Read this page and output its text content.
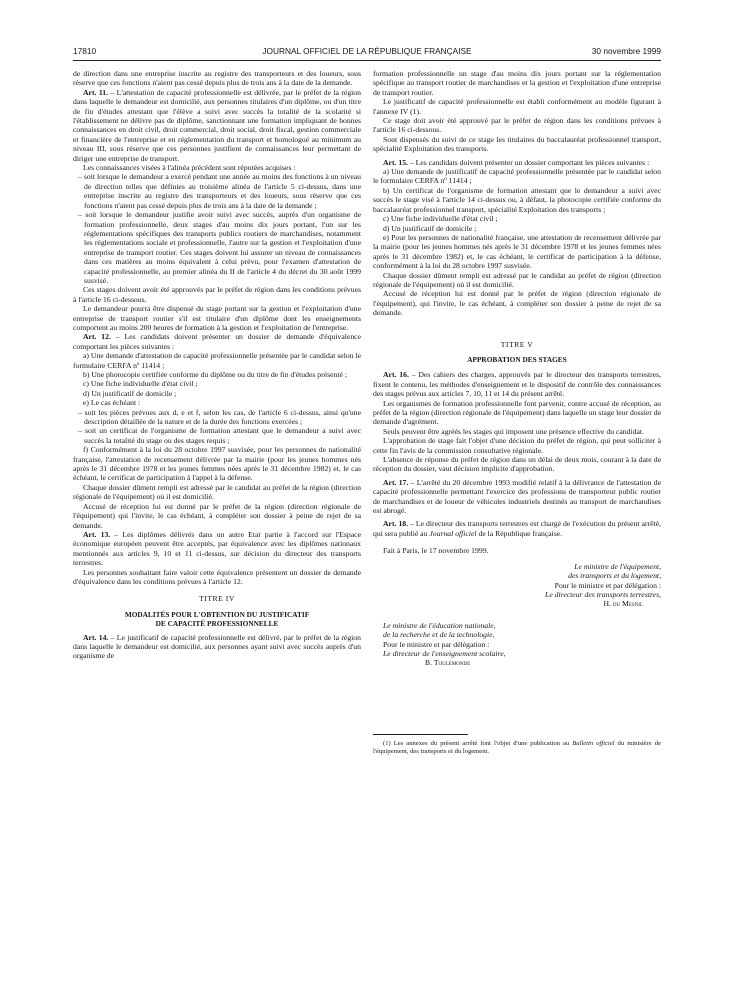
17810	JOURNAL OFFICIEL DE LA RÉPUBLIQUE FRANÇAISE	30 novembre 1999

de direction dans une entreprise inscrite au registre des transporteurs et des loueurs, sous réserve que ces fonctions n'aient pas cessé depuis plus de trois ans à la date de la demande.

Art. 11. – L'attestation de capacité professionnelle est délivrée, par le préfet de la région dans laquelle le demandeur est domicilié, aux personnes titulaires d'un diplôme, ou d'un titre de fin d'études attestant que l'élève a suivi avec succès la totalité de la scolarité si l'établissement ne délivre pas de diplôme, sanctionnant une formation impliquant de bonnes connaissances en droit civil, droit commercial, droit social, droit fiscal, gestion commerciale et financière de l'entreprise et en réglementation du transport et homologué au minimum au niveau III, sous réserve que ces personnes justifient de connaissances leur permettant de diriger une entreprise de transport.

Les connaissances visées à l'alinéa précédent sont réputées acquises :

– soit lorsque le demandeur a exercé pendant une année au moins des fonctions à un niveau de direction telles que définies au troisième alinéa de l'article 5 ci-dessus, dans une entreprise inscrite au registre des transporteurs et des loueurs, sous réserve que ces fonctions n'aient pas cessé depuis plus de trois ans à la date de la demande ;
– soit lorsque le demandeur justifie avoir suivi avec succès, auprès d'un organisme de formation professionnelle, deux stages d'au moins dix jours portant, l'un sur les réglementations spécifiques des transports publics routiers de marchandises, notamment les réglementations sociale et professionnelle, l'autre sur la gestion et l'exploitation d'une entreprise de transport routier. Ces stages doivent lui assurer un niveau de connaissances dans ces matières au moins équivalent à celui prévu, pour l'examen d'attestation de capacité professionnelle, au premier alinéa du II de l'article 4 du décret du 30 août 1999 susvisé.

Ces stages doivent avoir été approuvés par le préfet de région dans les conditions prévues à l'article 16 ci-dessous.

Le demandeur pourra être dispensé du stage portant sur la gestion et l'exploitation d'une entreprise de transport routier s'il est titulaire d'un diplôme dont les enseignements comportent au moins 200 heures de formation à la gestion et l'exploitation de l'entreprise.

Art. 12. – Les candidats doivent présenter un dossier de demande d'équivalence comportant les pièces suivantes :

a) Une demande d'attestation de capacité professionnelle présentée par le candidat selon le formulaire CERFA nº 11414 ;

b) Une photocopie certifiée conforme du diplôme ou du titre de fin d'études présenté ;

c) Une fiche individuelle d'état civil ;

d) Un justificatif de domicile ;

e) Le cas échéant :

– soit les pièces prévues aux d, e et f, selon les cas, de l'article 6 ci-dessus, ainsi qu'une description détaillée de la nature et de la durée des fonctions exercées ;
– soit un certificat de l'organisme de formation attestant que le demandeur a suivi avec succès la totalité du stage ou des stages requis ;

f) Conformément à la loi du 28 octobre 1997 susvisée, pour les personnes de nationalité française, l'attestation de recensement délivrée par la mairie (pour les jeunes hommes nés après le 31 décembre 1978 et les jeunes femmes nées après le 31 décembre 1982) et, le cas échéant, le certificat de participation à l'appel à la défense.

Chaque dossier dûment rempli est adressé par le candidat au préfet de la région (direction régionale de l'équipement) où il est domicilié.

Accusé de réception lui est donné par le préfet de la région (direction régionale de l'équipement) qui l'invite, le cas échéant, à compléter son dossier à peine de rejet de sa demande.

Art. 13. – Les diplômes délivrés dans un autre Etat partie à l'accord sur l'Espace économique européen peuvent être acceptés, par équivalence avec les diplômes nationaux mentionnés aux articles 9, 10 et 11 ci-dessus, sur décision du directeur des transports terrestres.

Les personnes souhaitant faire valoir cette équivalence présentent un dossier de demande d'équivalence dans les conditions prévues à l'article 12.

TITRE IV

MODALITÉS POUR L'OBTENTION DU JUSTIFICATIF
DE CAPACITÉ PROFESSIONNELLE

Art. 14. – Le justificatif de capacité professionnelle est délivré, par le préfet de la région dans laquelle le demandeur est domicilié, aux personnes ayant suivi avec succès auprès d'un organisme de

formation professionnelle un stage d'au moins dix jours portant sur la réglementation spécifique au transport routier de marchandises et la gestion et l'exploitation d'une entreprise de transport routier.

Le justificatif de capacité professionnelle est établi conformément au modèle figurant à l'annexe IV (1).

Ce stage doit avoir été approuvé par le préfet de région dans les conditions prévues à l'article 16 ci-dessous.

Sont dispensés du suivi de ce stage les titulaires du baccalauréat professionnel transport, spécialité Exploitation des transports.

Art. 15. – Les candidats doivent présenter un dossier comportant les pièces suivantes :

a) Une demande de justificatif de capacité professionnelle présentée par le candidat selon le formulaire CERFA nº 11414 ;

b) Un certificat de l'organisme de formation attestant que le demandeur a suivi avec succès le stage visé à l'article 14 ci-dessus ou, à défaut, la photocopie certifiée conforme du baccalauréat professionnel transport, spécialité Exploitation des transports ;

c) Une fiche individuelle d'état civil ;

d) Un justificatif de domicile ;

e) Pour les personnes de nationalité française, une attestation de recensement délivrée par la mairie (pour les jeunes hommes nés après le 31 décembre 1978 et les jeunes femmes nées après le 31 décembre 1982) et, le cas échéant, le certificat de participation à la défense, conformément à la loi du 28 octobre 1997 susvisée.

Chaque dossier dûment rempli est adressé par le candidat au préfet de région (direction régionale de l'équipement) où il est domicilié.

Accusé de réception lui est donné par le préfet de région (direction régionale de l'équipement), qui l'invite, le cas échéant, à compléter son dossier à peine de rejet de sa demande.

TITRE V

APPROBATION DES STAGES

Art. 16. – Des cahiers des charges, approuvés par le directeur des transports terrestres, fixent le contenu, les méthodes d'enseignement et le dispositif de contrôle des connaissances des stages prévus aux articles 7, 10, 11 et 14 du présent arrêté.

Les organismes de formation professionnelle font parvenir, contre accusé de réception, au préfet de la région (direction régionale de l'équipement) dans laquelle un stage leur dossier de demande d'agrément.

Seuls peuvent être agréés les stages qui imposent une présence effective du candidat.

L'approbation de stage fait l'objet d'une décision du préfet de région, qui peut solliciter à cette fin l'avis de la commission consultative régionale.

L'absence de réponse du préfet de région dans un délai de deux mois, courant à la date de réception du dossier, vaut décision implicite d'approbation.

Art. 17. – L'arrêté du 20 décembre 1993 modifié relatif à la délivrance de l'attestation de capacité professionnelle permettant l'exercice des professions de transporteur public routier de marchandises et de loueur de véhicules industriels destinés au transport de marchandises est abrogé.

Art. 18. – Le directeur des transports terrestres est chargé de l'exécution du présent arrêté, qui sera publié au Journal officiel de la République française.

Fait à Paris, le 17 novembre 1999.

Le ministre de l'équipement,

des transports et du logement,

Pour le ministre et par délégation :

Le directeur des transports terrestres,

H. du Mesnil

Le ministre de l'éducation nationale,

de la recherche et de la technologie,

Pour le ministre et par délégation :

Le directeur de l'enseignement scolaire,

B. Toulemonde

(1) Les annexes du présent arrêté font l'objet d'une publication au Bulletin officiel du ministère de l'équipement, des transports et du logement.
